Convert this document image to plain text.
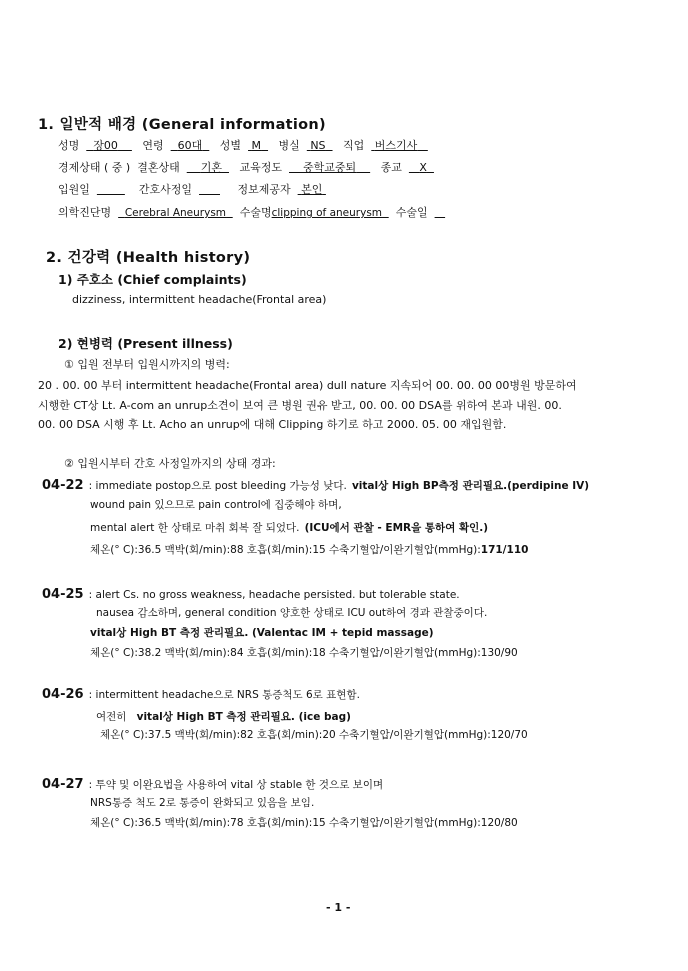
1. 일반적 배경 (General information)
성명 장00 연령 60대 성별 M 병실 NS 직업 버스기사
경제상태 ( 중 ) 결혼상태 기혼 교육정도 중학교중퇴 종교 X
입원일	간호사정일	정보제공자 본인
의학진단명 Cerebral Aneurysm 수술명clipping of aneurysm 수술일
2. 건강력 (Health history)
1) 주호소 (Chief complaints)
dizziness, intermittent headache(Frontal area)
2) 현병력 (Present illness)
① 입원 전부터 입원시까지의 병력:
20 . 00. 00 부터 intermittent headache(Frontal area) dull nature 지속되어 00. 00. 00 00병원 방문하여
시행한 CT상 Lt. A-com an unrup소견이 보여 큰 병원 권유 받고, 00. 00. 00 DSA를 위하여 본과 내원. 00.
00. 00 DSA 시행 후 Lt. Acho an unrup에 대해 Clipping 하기로 하고 2000. 05. 00 재입원함.
② 입원시부터 간호 사정일까지의 상태 경과:
04-22 : immediate postop으로 post bleeding 가능성 낮다. vital상 High BP측정 관리필요.(perdipine IV)
wound pain 있으므로 pain control에 집중해야 하며,
mental alert 한 상태로 마취 회복 잘 되었다. (ICU에서 관찰 - EMR을 통하여 확인.)
체온(° C):36.5 맥박(회/min):88 호흡(회/min):15 수축기혈압/이완기혈압(mmHg):171/110
04-25 : alert Cs. no gross weakness, headache persisted. but tolerable state.
nausea 감소하며, general condition 양호한 상태로 ICU out하여 경과 관찰중이다.
vital상 High BT 측정 관리필요. (Valentac IM + tepid massage)
체온(° C):38.2 맥박(회/min):84 호흡(회/min):18 수축기혈압/이완기혈압(mmHg):130/90
04-26 : intermittent headache으로 NRS 통증척도 6로 표현함.
여전히 vital상 High BT 측정 관리필요. (ice bag)
체온(° C):37.5 맥박(회/min):82 호흡(회/min):20 수축기혈압/이완기혈압(mmHg):120/70
04-27 : 투약 및 이완요법을 사용하여 vital 상 stable 한 것으로 보이며
NRS통증 척도 2로 통증이 완화되고 있음을 보임.
체온(° C):36.5 맥박(회/min):78 호흡(회/min):15 수축기혈압/이완기혈압(mmHg):120/80
- 1 -
